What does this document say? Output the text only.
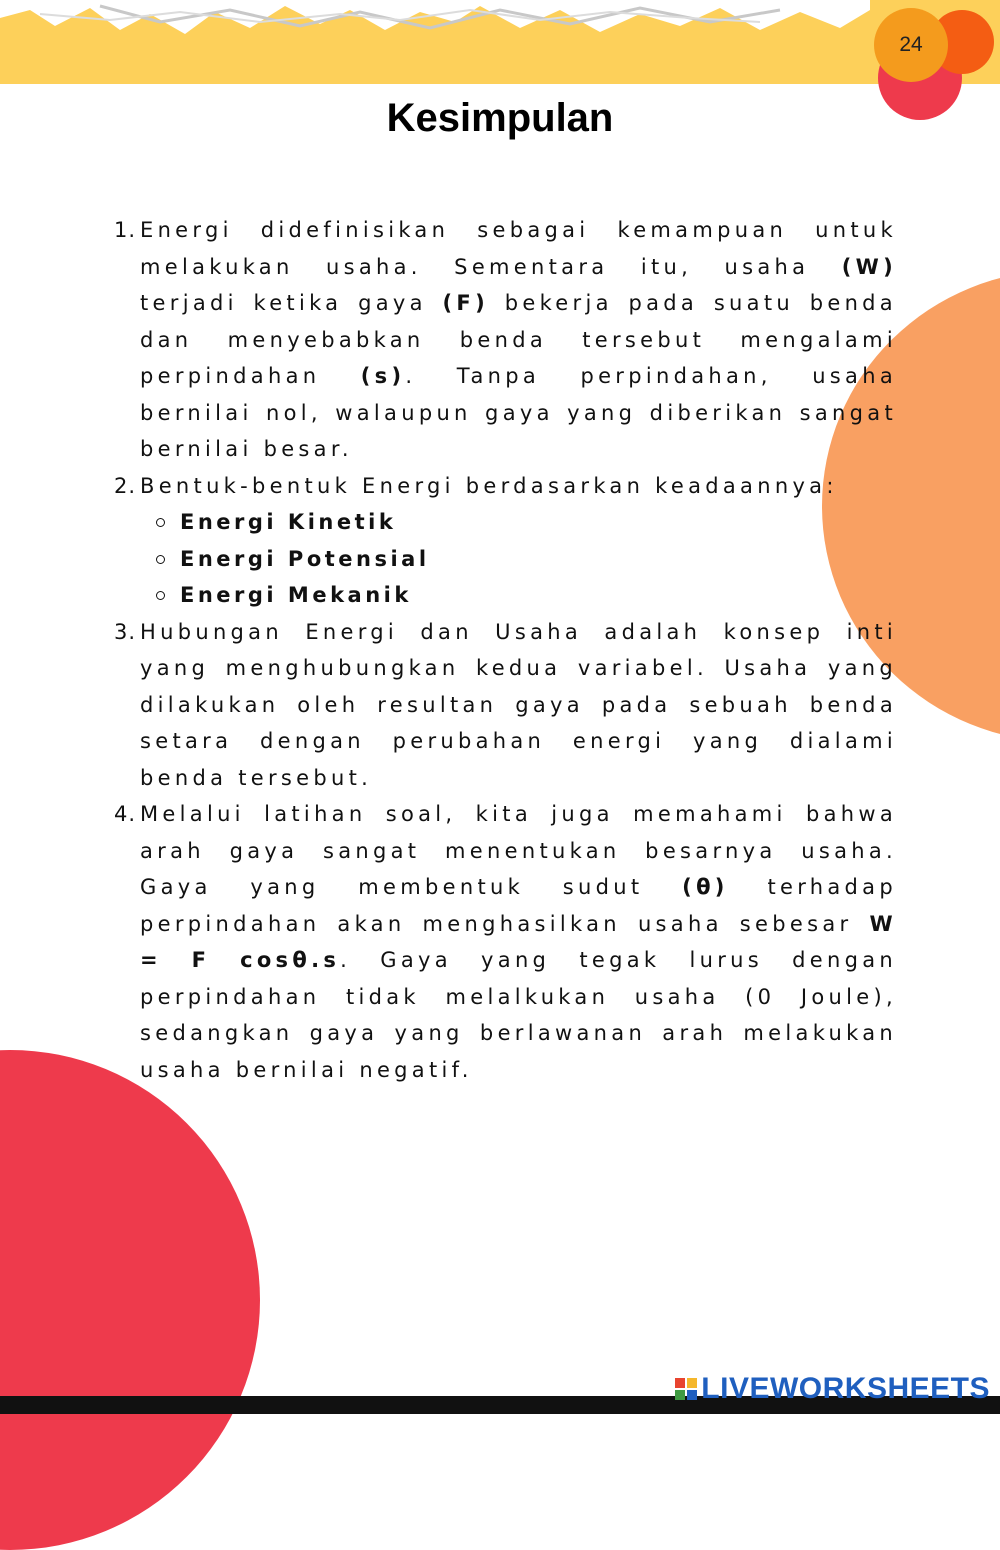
24
Kesimpulan
1. Energi didefinisikan sebagai kemampuan untuk melakukan usaha. Sementara itu, usaha (W) terjadi ketika gaya (F) bekerja pada suatu benda dan menyebabkan benda tersebut mengalami perpindahan (s). Tanpa perpindahan, usaha bernilai nol, walaupun gaya yang diberikan sangat bernilai besar.

2. Bentuk-bentuk Energi berdasarkan keadaannya:

Energi Kinetik
Energi Potensial
Energi Mekanik
3. Hubungan Energi dan Usaha adalah konsep inti yang menghubungkan kedua variabel. Usaha yang dilakukan oleh resultan gaya pada sebuah benda setara dengan perubahan energi yang dialami benda tersebut.

4. Melalui latihan soal, kita juga memahami bahwa arah gaya sangat menentukan besarnya usaha. Gaya yang membentuk sudut (θ) terhadap perpindahan akan menghasilkan usaha sebesar W = F cosθ.s. Gaya yang tegak lurus dengan perpindahan tidak melalkukan usaha (0 Joule), sedangkan gaya yang berlawanan arah melakukan usaha bernilai negatif.

LIVEWORKSHEETS
